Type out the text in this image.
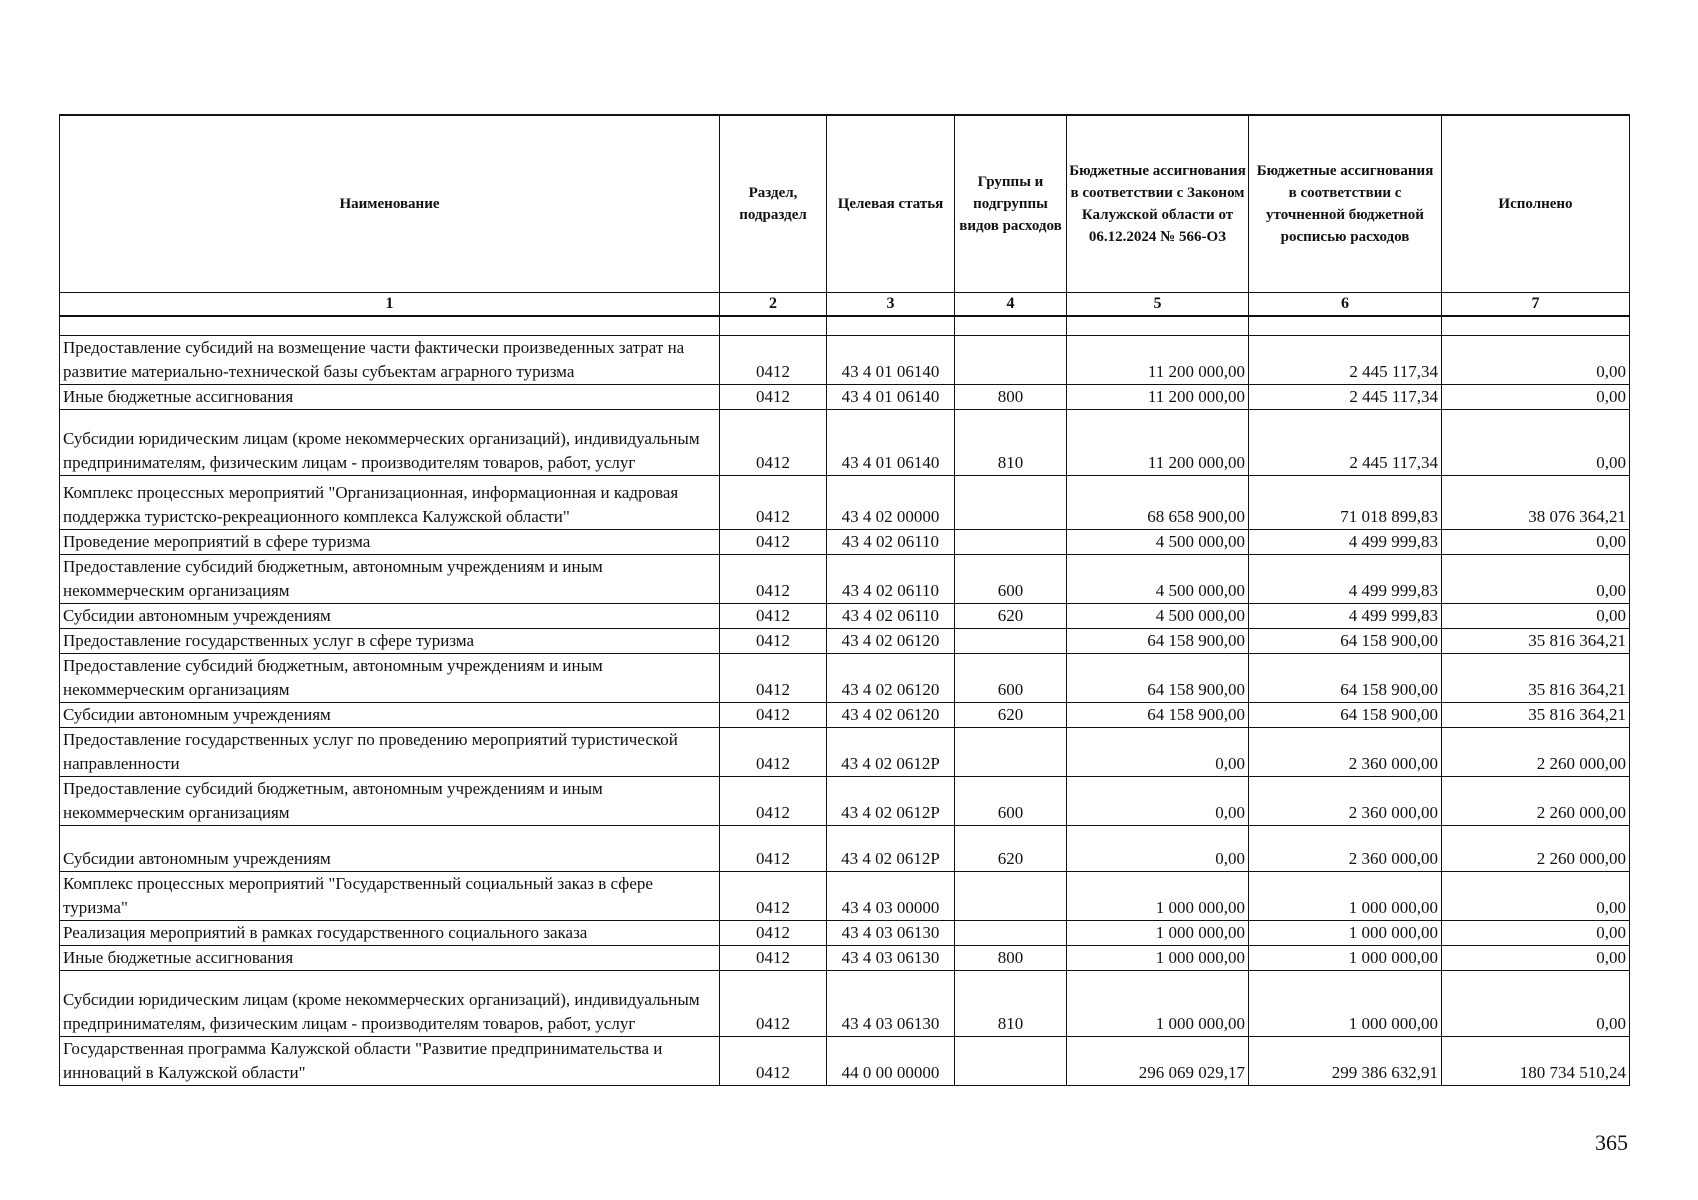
Наименование	Раздел, подраздел	Целевая статья	Группы и подгруппы видов расходов	Бюджетные ассигнования в соответствии с Законом Калужской области от 06.12.2024 № 566-ОЗ	Бюджетные ассигнования в соответствии с уточненной бюджетной росписью расходов	Исполнено
1	2	3	4	5	6	7

Предоставление субсидий на возмещение части фактически произведенных затрат на развитие материально-технической базы субъектам аграрного туризма	0412	43 4 01 06140		11 200 000,00	2 445 117,34	0,00
Иные бюджетные ассигнования	0412	43 4 01 06140	800	11 200 000,00	2 445 117,34	0,00
Субсидии юридическим лицам (кроме некоммерческих организаций), индивидуальным предпринимателям, физическим лицам - производителям товаров, работ, услуг	0412	43 4 01 06140	810	11 200 000,00	2 445 117,34	0,00
Комплекс процессных мероприятий "Организационная, информационная и кадровая поддержка туристско-рекреационного комплекса Калужской области"	0412	43 4 02 00000		68 658 900,00	71 018 899,83	38 076 364,21
Проведение мероприятий в сфере туризма	0412	43 4 02 06110		4 500 000,00	4 499 999,83	0,00
Предоставление субсидий бюджетным, автономным учреждениям и иным некоммерческим организациям	0412	43 4 02 06110	600	4 500 000,00	4 499 999,83	0,00
Субсидии автономным учреждениям	0412	43 4 02 06110	620	4 500 000,00	4 499 999,83	0,00
Предоставление государственных услуг в сфере туризма	0412	43 4 02 06120		64 158 900,00	64 158 900,00	35 816 364,21
Предоставление субсидий бюджетным, автономным учреждениям и иным некоммерческим организациям	0412	43 4 02 06120	600	64 158 900,00	64 158 900,00	35 816 364,21
Субсидии автономным учреждениям	0412	43 4 02 06120	620	64 158 900,00	64 158 900,00	35 816 364,21
Предоставление государственных услуг по проведению мероприятий туристической направленности	0412	43 4 02 0612Р		0,00	2 360 000,00	2 260 000,00
Предоставление субсидий бюджетным, автономным учреждениям и иным некоммерческим организациям	0412	43 4 02 0612Р	600	0,00	2 360 000,00	2 260 000,00
Субсидии автономным учреждениям	0412	43 4 02 0612Р	620	0,00	2 360 000,00	2 260 000,00
Комплекс процессных мероприятий "Государственный социальный заказ в сфере туризма"	0412	43 4 03 00000		1 000 000,00	1 000 000,00	0,00
Реализация мероприятий в рамках государственного социального заказа	0412	43 4 03 06130		1 000 000,00	1 000 000,00	0,00
Иные бюджетные ассигнования	0412	43 4 03 06130	800	1 000 000,00	1 000 000,00	0,00
Субсидии юридическим лицам (кроме некоммерческих организаций), индивидуальным предпринимателям, физическим лицам - производителям товаров, работ, услуг	0412	43 4 03 06130	810	1 000 000,00	1 000 000,00	0,00
Государственная программа Калужской области "Развитие предпринимательства и инноваций в Калужской области"	0412	44 0 00 00000		296 069 029,17	299 386 632,91	180 734 510,24
365
